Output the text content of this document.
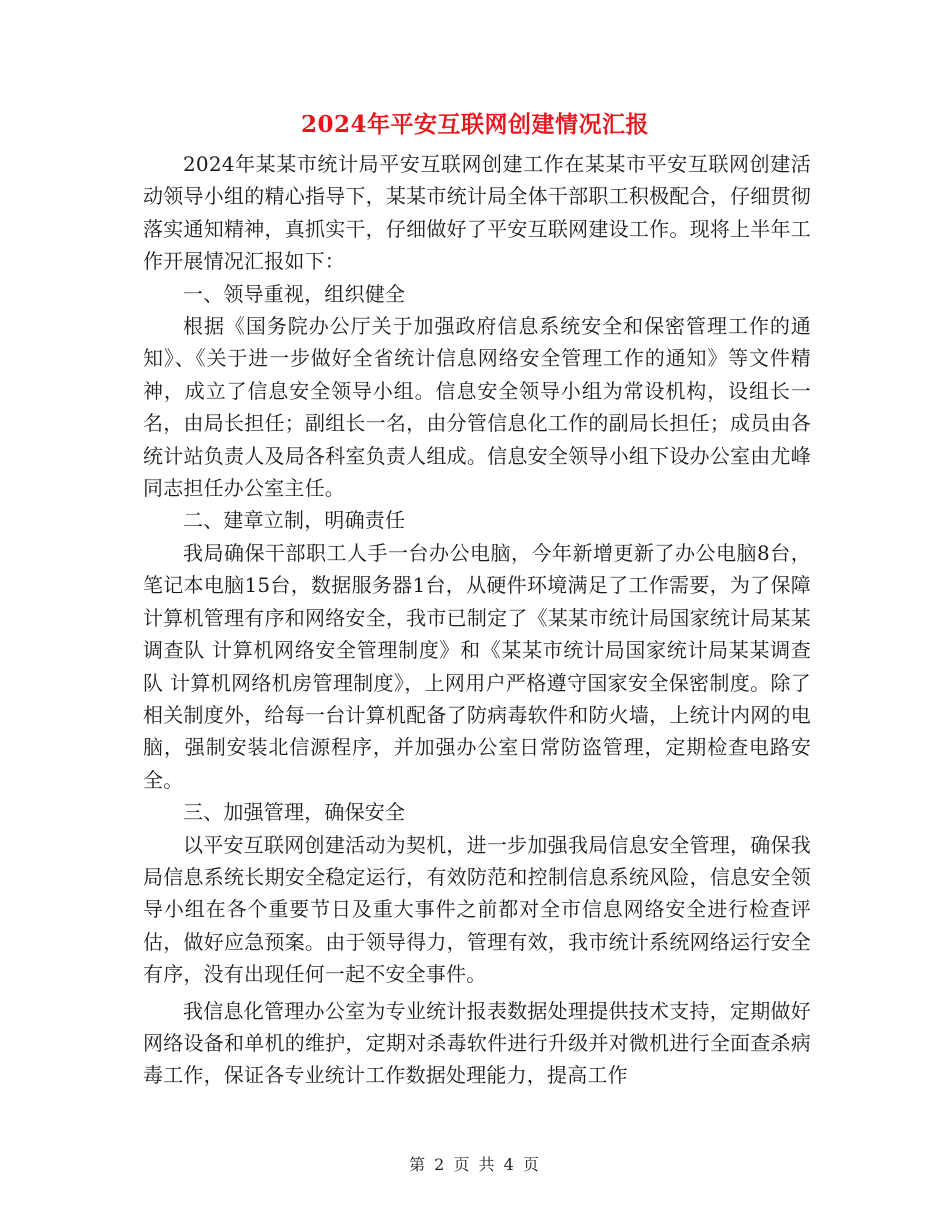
2024年平安互联网创建情况汇报

2024年某某市统计局平安互联网创建工作在某某市平安互联网创建活动领导小组的精心指导下，某某市统计局全体干部职工积极配合，仔细贯彻落实通知精神，真抓实干，仔细做好了平安互联网建设工作。现将上半年工作开展情况汇报如下：

一、领导重视，组织健全

根据《国务院办公厅关于加强政府信息系统安全和保密管理工作的通知》、《关于进一步做好全省统计信息网络安全管理工作的通知》等文件精神，成立了信息安全领导小组。信息安全领导小组为常设机构，设组长一名，由局长担任；副组长一名，由分管信息化工作的副局长担任；成员由各统计站负责人及局各科室负责人组成。信息安全领导小组下设办公室由尤峰同志担任办公室主任。

二、建章立制，明确责任

我局确保干部职工人手一台办公电脑，今年新增更新了办公电脑8台，笔记本电脑15台，数据服务器1台，从硬件环境满足了工作需要，为了保障计算机管理有序和网络安全，我市已制定了《某某市统计局国家统计局某某调查队 计算机网络安全管理制度》和《某某市统计局国家统计局某某调查队 计算机网络机房管理制度》，上网用户严格遵守国家安全保密制度。除了相关制度外，给每一台计算机配备了防病毒软件和防火墙，上统计内网的电脑，强制安装北信源程序，并加强办公室日常防盗管理，定期检查电路安全。

三、加强管理，确保安全

以平安互联网创建活动为契机，进一步加强我局信息安全管理，确保我局信息系统长期安全稳定运行，有效防范和控制信息系统风险，信息安全领导小组在各个重要节日及重大事件之前都对全市信息网络安全进行检查评估，做好应急预案。由于领导得力，管理有效，我市统计系统网络运行安全有序，没有出现任何一起不安全事件。

我信息化管理办公室为专业统计报表数据处理提供技术支持，定期做好网络设备和单机的维护，定期对杀毒软件进行升级并对微机进行全面查杀病毒工作，保证各专业统计工作数据处理能力，提高工作

第 2 页 共 4 页
